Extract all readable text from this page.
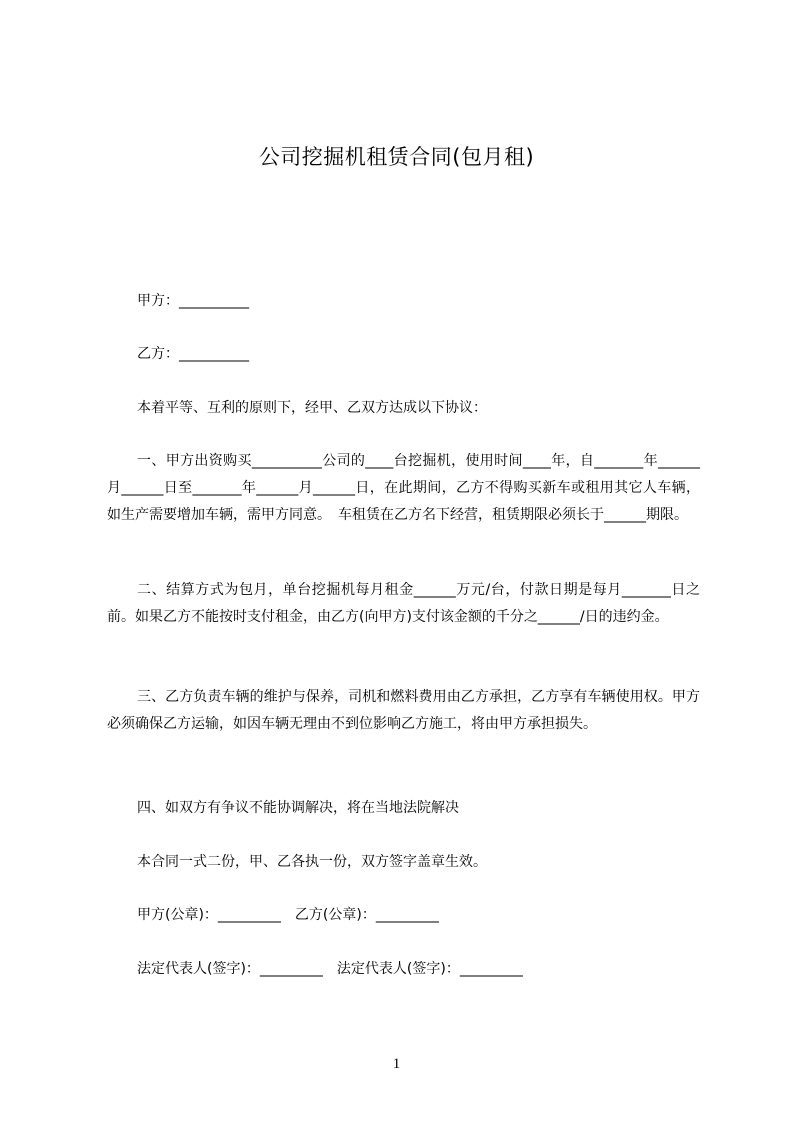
公司挖掘机租赁合同(包月租)
甲方：__________
乙方：__________
本着平等、互利的原则下，经甲、乙双方达成以下协议：
一、甲方出资购买__________公司的____台挖掘机，使用时间____年，自_______年______月______日至_______年______月______日，在此期间，乙方不得购买新车或租用其它人车辆，如生产需要增加车辆，需甲方同意。　车租赁在乙方名下经营，租赁期限必须长于______期限。
二、结算方式为包月，单台挖掘机每月租金______万元/台，付款日期是每月_______日之前。如果乙方不能按时支付租金，由乙方(向甲方)支付该金额的千分之______/日的违约金。
三、乙方负责车辆的维护与保养，司机和燃料费用由乙方承担，乙方享有车辆使用权。甲方必须确保乙方运输，如因车辆无理由不到位影响乙方施工，将由甲方承担损失。
四、如双方有争议不能协调解决，将在当地法院解决
本合同一式二份，甲、乙各执一份，双方签字盖章生效。
甲方(公章)：_________　乙方(公章)：_________
法定代表人(签字)：_________　法定代表人(签字)：_________
1
